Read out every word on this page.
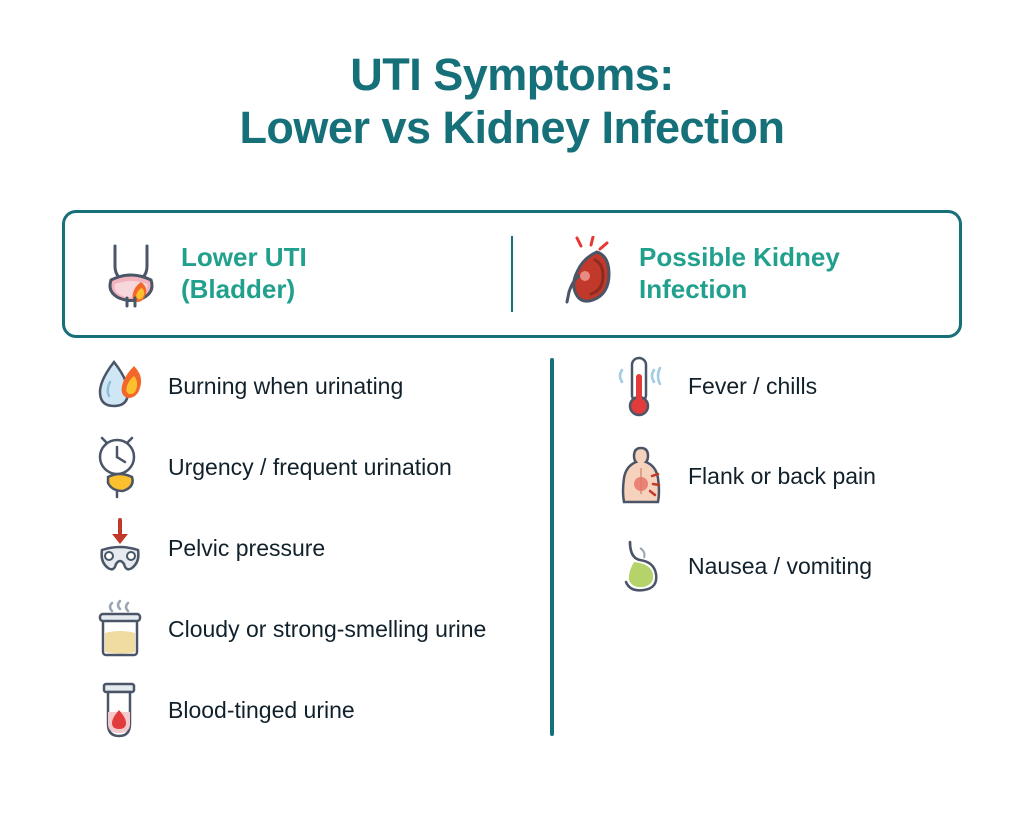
UTI Symptoms:
Lower vs Kidney Infection
Lower UTI
(Bladder)
Possible Kidney
Infection
Burning when urinating
Urgency / frequent urination
Pelvic pressure
Cloudy or strong-smelling urine
Blood-tinged urine
Fever / chills
Flank or back pain
Nausea / vomiting
